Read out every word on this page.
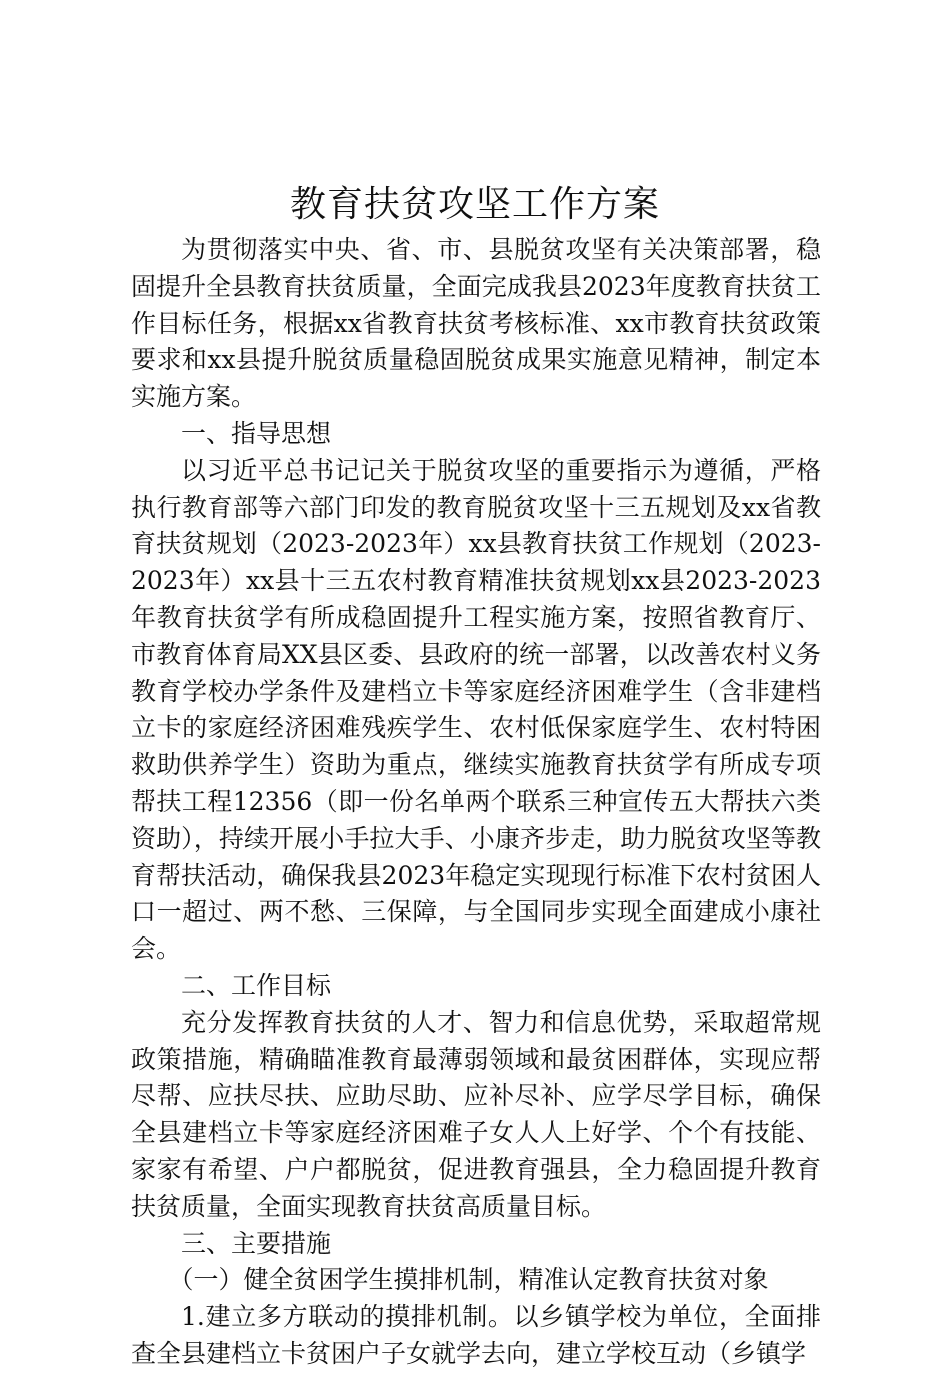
教育扶贫攻坚工作方案

为贯彻落实中央、省、市、县脱贫攻坚有关决策部署，稳固提升全县教育扶贫质量，全面完成我县2023年度教育扶贫工作目标任务，根据xx省教育扶贫考核标准、xx市教育扶贫政策要求和xx县提升脱贫质量稳固脱贫成果实施意见精神，制定本实施方案。

一、指导思想

以习近平总书记记关于脱贫攻坚的重要指示为遵循，严格执行教育部等六部门印发的教育脱贫攻坚十三五规划及xx省教育扶贫规划（2023-2023年）xx县教育扶贫工作规划（2023-2023年）xx县十三五农村教育精准扶贫规划xx县2023-2023年教育扶贫学有所成稳固提升工程实施方案，按照省教育厅、市教育体育局XX县区委、县政府的统一部署，以改善农村义务教育学校办学条件及建档立卡等家庭经济困难学生（含非建档立卡的家庭经济困难残疾学生、农村低保家庭学生、农村特困救助供养学生）资助为重点，继续实施教育扶贫学有所成专项帮扶工程12356（即一份名单两个联系三种宣传五大帮扶六类资助），持续开展小手拉大手、小康齐步走，助力脱贫攻坚等教育帮扶活动，确保我县2023年稳定实现现行标准下农村贫困人口一超过、两不愁、三保障，与全国同步实现全面建成小康社会。

二、工作目标

充分发挥教育扶贫的人才、智力和信息优势，采取超常规政策措施，精确瞄准教育最薄弱领域和最贫困群体，实现应帮尽帮、应扶尽扶、应助尽助、应补尽补、应学尽学目标，确保全县建档立卡等家庭经济困难子女人人上好学、个个有技能、家家有希望、户户都脱贫，促进教育强县，全力稳固提升教育扶贫质量，全面实现教育扶贫高质量目标。

三、主要措施

（一）健全贫困学生摸排机制，精准认定教育扶贫对象

1.建立多方联动的摸排机制。以乡镇学校为单位，全面排查全县建档立卡贫困户子女就学去向，建立学校互动（乡镇学
